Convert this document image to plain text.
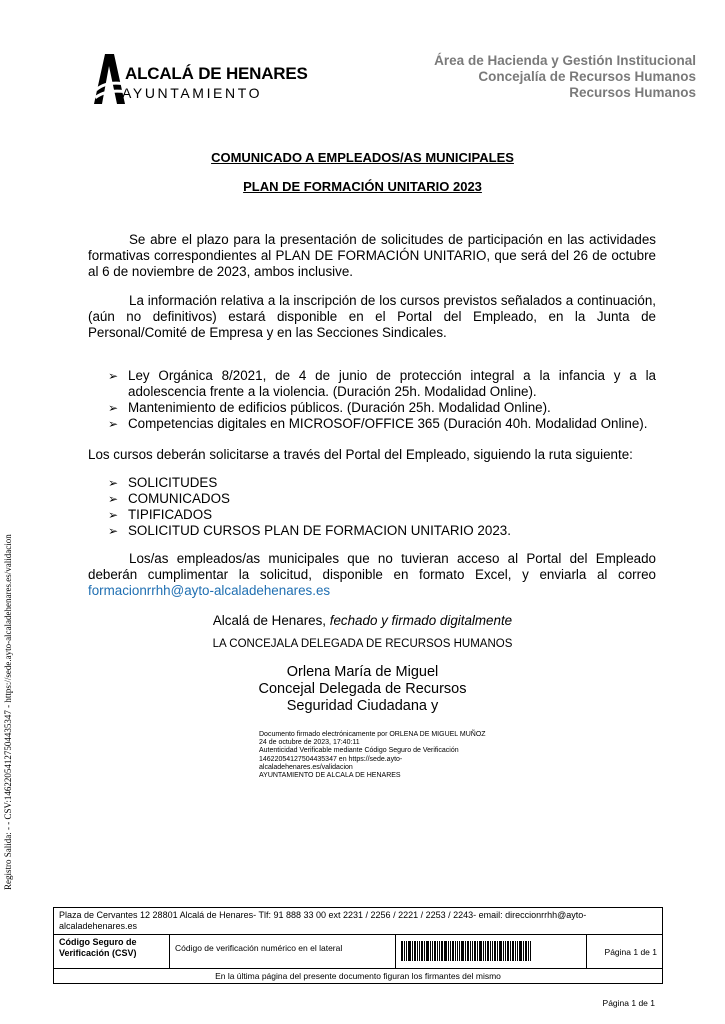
ALCALÁ DE HENARES
AYUNTAMIENTO
Área de Hacienda y Gestión Institucional
Concejalía de Recursos Humanos
Recursos Humanos
COMUNICADO A EMPLEADOS/AS MUNICIPALES
PLAN DE FORMACIÓN UNITARIO 2023
Se abre el plazo para la presentación de solicitudes de participación en las actividades formativas correspondientes al PLAN DE FORMACIÓN UNITARIO, que será del 26 de octubre al 6 de noviembre de 2023, ambos inclusive.
La información relativa a la inscripción de los cursos previstos señalados a continuación, (aún no definitivos) estará disponible en el Portal del Empleado, en la Junta de Personal/Comité de Empresa y en las Secciones Sindicales.
➢ Ley Orgánica 8/2021, de 4 de junio de protección integral a la infancia y a la adolescencia frente a la violencia. (Duración 25h. Modalidad Online).
➢ Mantenimiento de edificios públicos. (Duración 25h. Modalidad Online).
➢ Competencias digitales en MICROSOF/OFFICE 365 (Duración 40h. Modalidad Online).
Los cursos deberán solicitarse a través del Portal del Empleado, siguiendo la ruta siguiente:
➢ SOLICITUDES
➢ COMUNICADOS
➢ TIPIFICADOS
➢ SOLICITUD CURSOS PLAN DE FORMACION UNITARIO 2023.
Los/as empleados/as municipales que no tuvieran acceso al Portal del Empleado deberán cumplimentar la solicitud, disponible en formato Excel, y enviarla al correo formacionrrhh@ayto-alcaladehenares.es
Alcalá de Henares, fechado y firmado digitalmente
LA CONCEJALA DELEGADA DE RECURSOS HUMANOS
Orlena María de Miguel
Concejal Delegada de Recursos
Seguridad Ciudadana y
Documento firmado electrónicamente por ORLENA DE MIGUEL MUÑOZ
24 de octubre de 2023, 17:40:11
Autenticidad Verificable mediante Código Seguro de Verificación
14622054127504435347 en https://sede.ayto-
alcaladehenares.es/validacion
AYUNTAMIENTO DE ALCALA DE HENARES
Registro Salida: - - CSV:14622054127504435347 - https://sede.ayto-alcaladehenares.es/validacion
Plaza de Cervantes 12 28801 Alcalá de Henares- Tlf: 91 888 33 00 ext 2231 / 2256 / 2221 / 2253 / 2243- email: direccionrrhh@ayto-alcaladehenares.es
Código Seguro de Verificación (CSV)	Código de verificación numérico en el lateral		Página 1 de 1
En la última página del presente documento figuran los firmantes del mismo
Página 1 de 1
